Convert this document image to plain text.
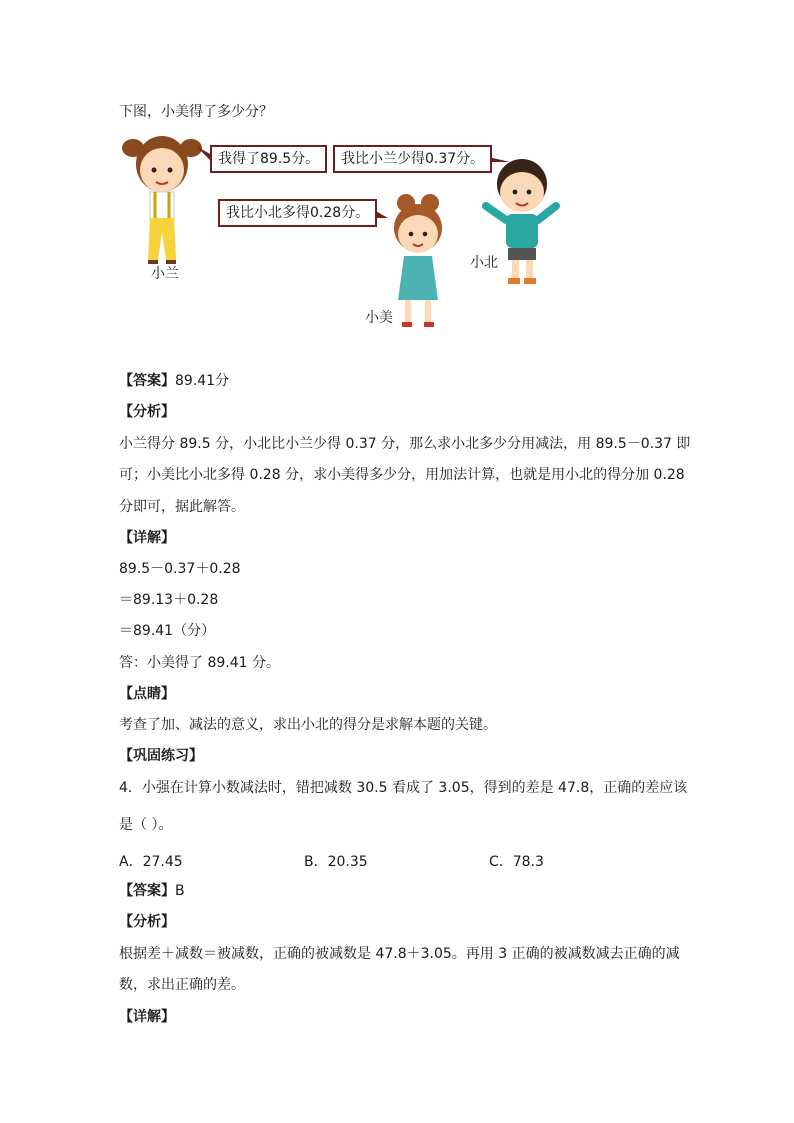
下图，小美得了多少分？
我得了89.5分。	我比小兰少得0.37分。
我比小北多得0.28分。
小兰
小北
小美
【答案】89.41分
【分析】
小兰得分 89.5 分，小北比小兰少得 0.37 分，那么求小北多少分用减法，用 89.5－0.37 即
可；小美比小北多得 0.28 分，求小美得多少分，用加法计算，也就是用小北的得分加 0.28
分即可，据此解答。
【详解】
89.5－0.37＋0.28
＝89.13＋0.28
＝89.41（分）
答：小美得了 89.41 分。
【点睛】
考查了加、减法的意义，求出小北的得分是求解本题的关键。
【巩固练习】
4．小强在计算小数减法时，错把减数 30.5 看成了 3.05，得到的差是 47.8，正确的差应该
是（ ）。
A．27.45	B．20.35	C．78.3
【答案】B
【分析】
根据差＋减数＝被减数，正确的被减数是 47.8＋3.05。再用 3 正确的被减数减去正确的减
数，求出正确的差。
【详解】
